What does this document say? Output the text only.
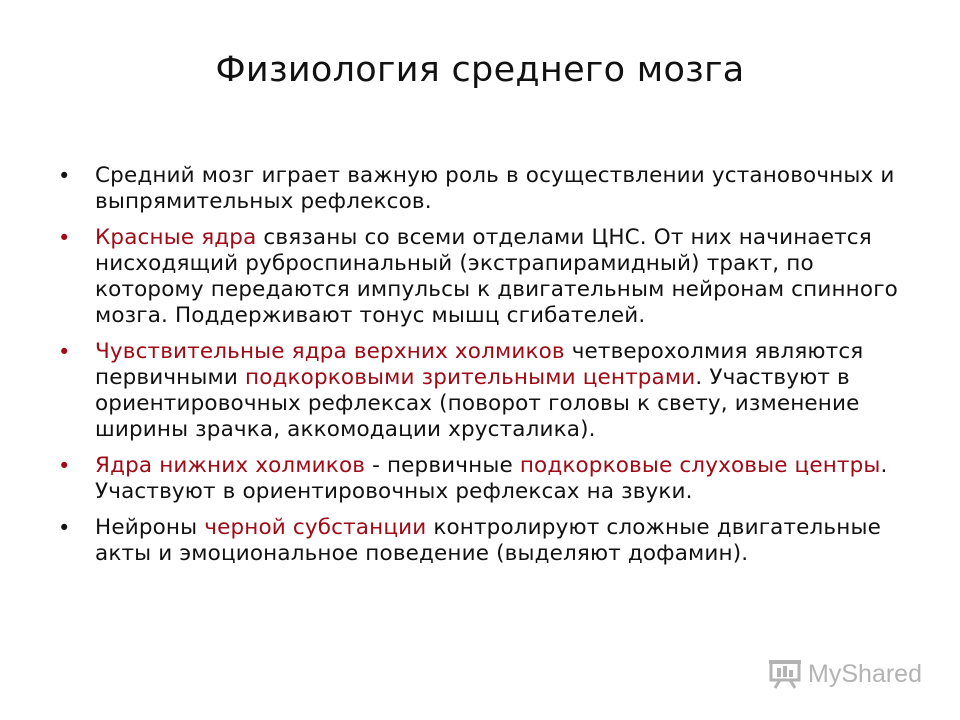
Физиология среднего мозга
•	Средний мозг играет важную роль в осуществлении установочных и выпрямительных рефлексов.
•	Красные ядра связаны со всеми отделами ЦНС. От них начинается нисходящий руброспинальный (экстрапирамидный) тракт, по которому передаются импульсы к двигательным нейронам спинного мозга. Поддерживают тонус мышц сгибателей.
•	Чувствительные ядра верхних холмиков четверохолмия являются первичными подкорковыми зрительными центрами. Участвуют в ориентировочных рефлексах (поворот головы к свету, изменение ширины зрачка, аккомодации хрусталика).
•	Ядра нижних холмиков - первичные подкорковые слуховые центры. Участвуют в ориентировочных рефлексах на звуки.
•	Нейроны черной субстанции контролируют сложные двигательные акты и эмоциональное поведение (выделяют дофамин).
MyShared
